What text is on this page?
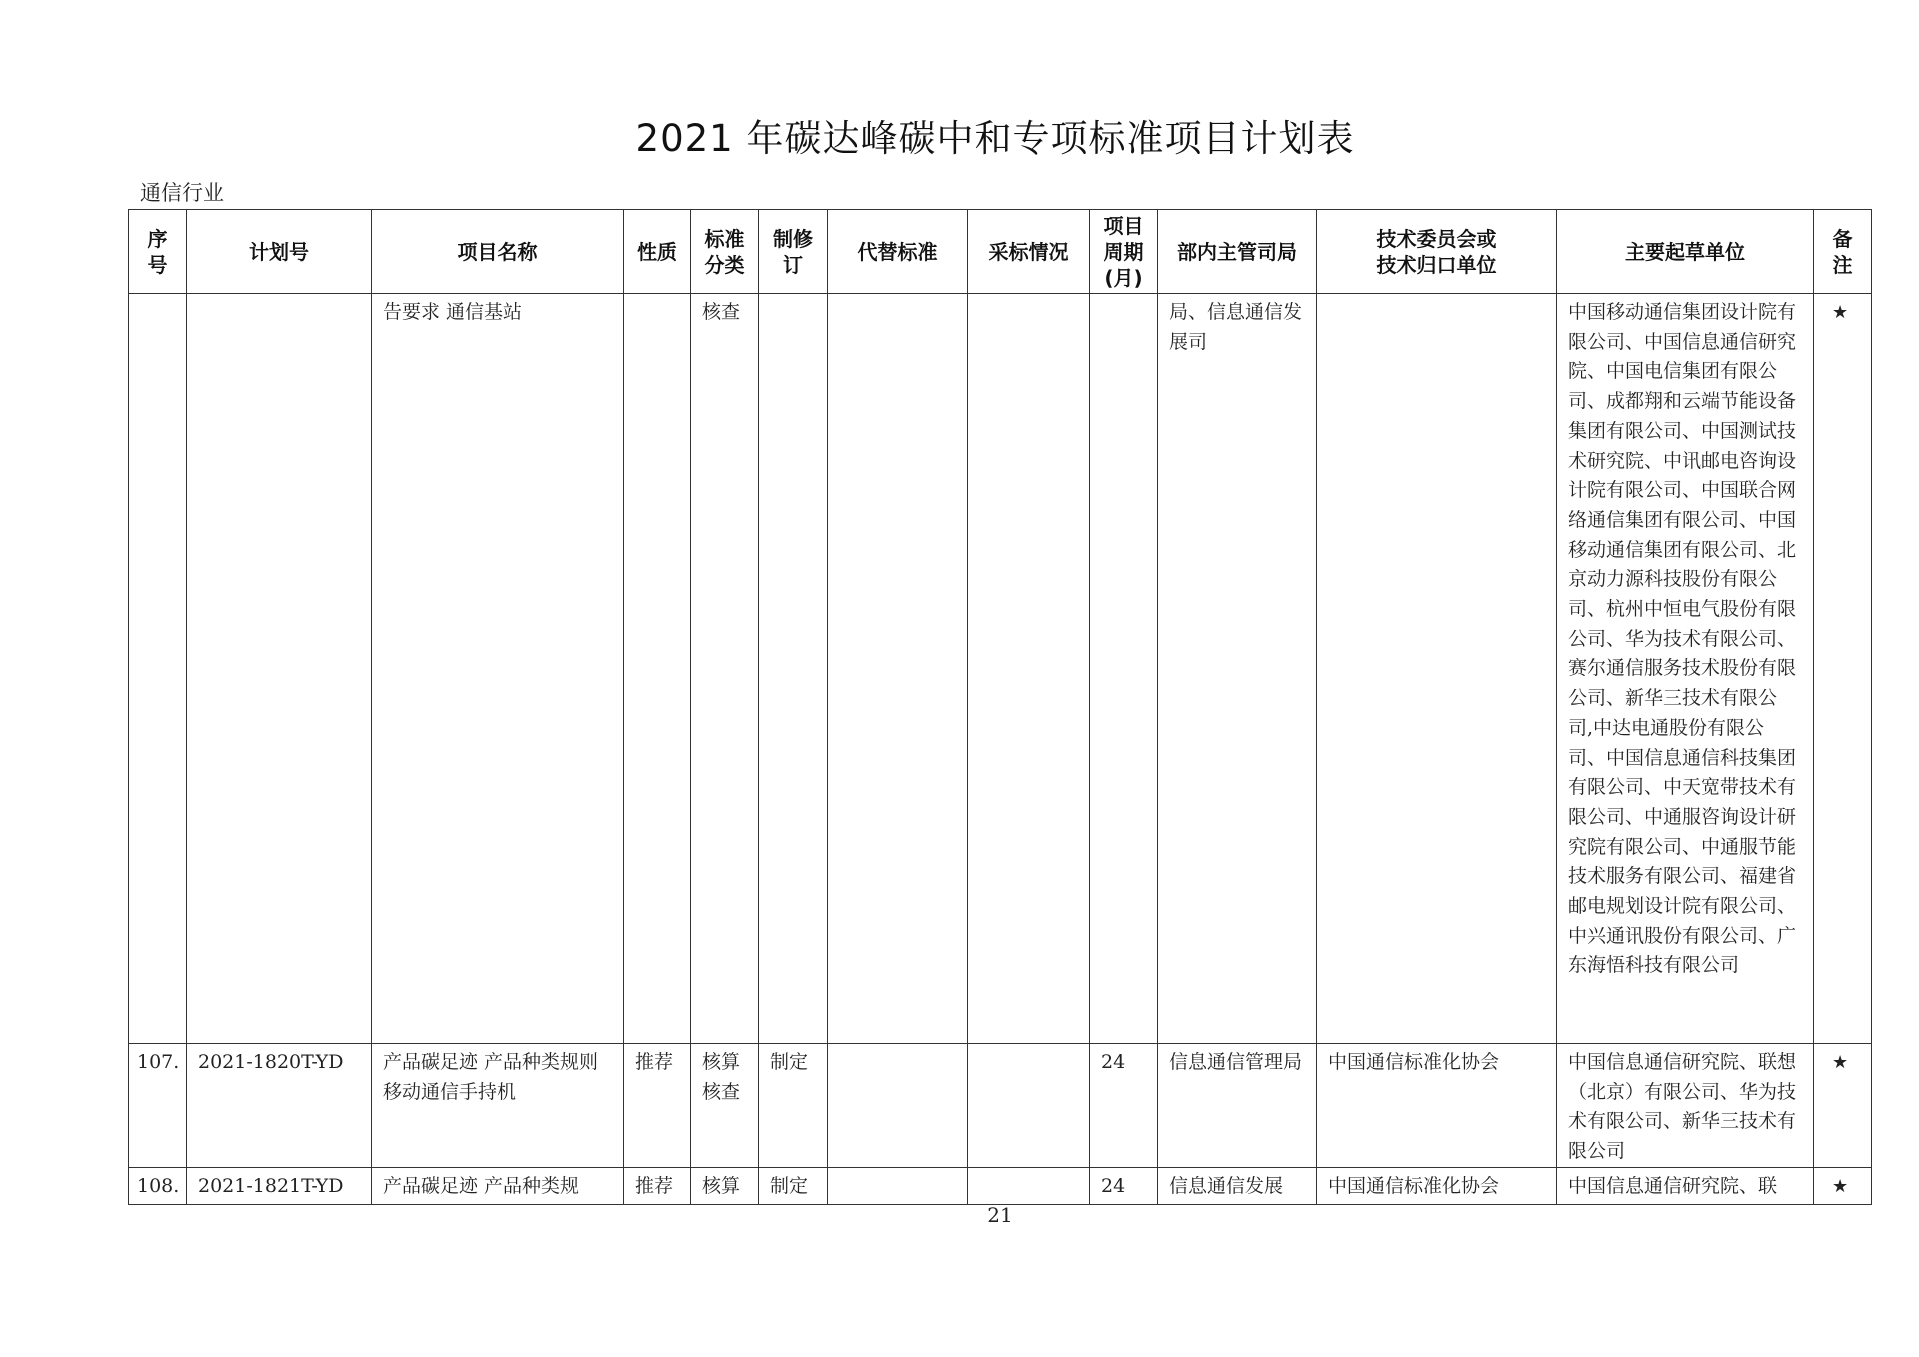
2021 年碳达峰碳中和专项标准项目计划表
通信行业
序号	计划号	项目名称	性质	标准分类	制修订	代替标准	采标情况	项目周期(月)	部内主管司局	技术委员会或技术归口单位	主要起草单位	备注
		告要求 通信基站		核查					局、信息通信发展司		中国移动通信集团设计院有限公司、中国信息通信研究院、中国电信集团有限公司、成都翔和云端节能设备集团有限公司、中国测试技术研究院、中讯邮电咨询设计院有限公司、中国联合网络通信集团有限公司、中国移动通信集团有限公司、北京动力源科技股份有限公司、杭州中恒电气股份有限公司、华为技术有限公司、赛尔通信服务技术股份有限公司、新华三技术有限公司,中达电通股份有限公司、中国信息通信科技集团有限公司、中天宽带技术有限公司、中通服咨询设计研究院有限公司、中通服节能技术服务有限公司、福建省邮电规划设计院有限公司、中兴通讯股份有限公司、广东海悟科技有限公司	★
107.	2021-1820T-YD	产品碳足迹 产品种类规则 移动通信手持机	推荐	核算核查	制定			24	信息通信管理局	中国通信标准化协会	中国信息通信研究院、联想（北京）有限公司、华为技术有限公司、新华三技术有限公司	★
108.	2021-1821T-YD	产品碳足迹 产品种类规	推荐	核算	制定			24	信息通信发展	中国通信标准化协会	中国信息通信研究院、联	★
21
